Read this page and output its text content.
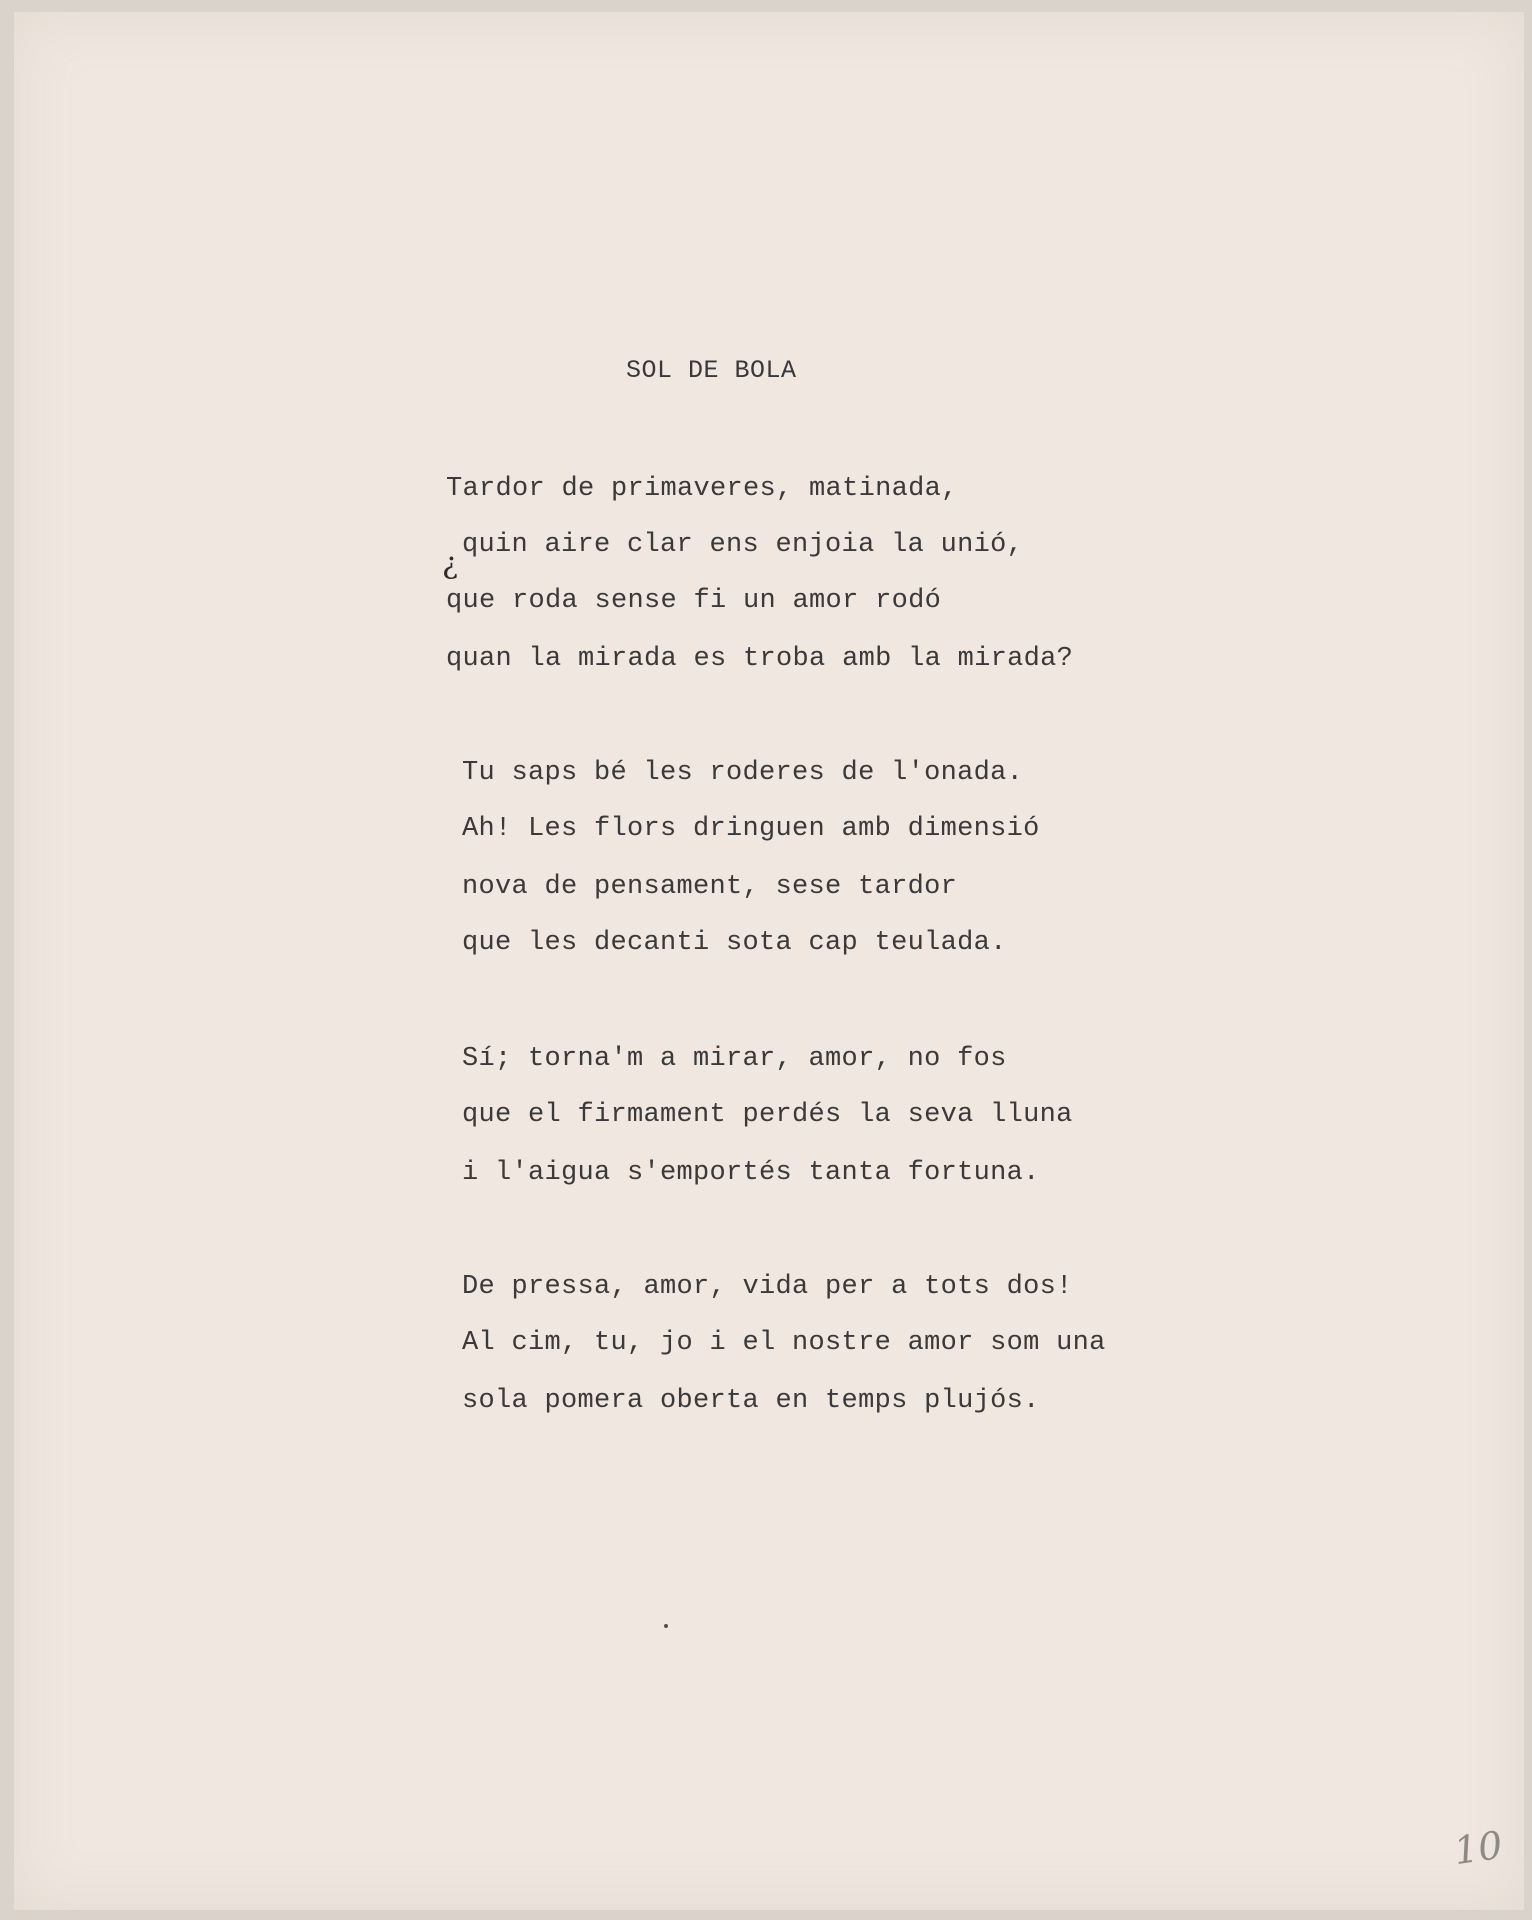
SOL DE BOLA
Tardor de primaveres, matinada,
quin aire clar ens enjoia la unió,
¿
que roda sense fi un amor rodó
quan la mirada es troba amb la mirada?
Tu saps bé les roderes de l'onada.
Ah! Les flors dringuen amb dimensió
nova de pensament, sese tardor
que les decanti sota cap teulada.
Sí; torna'm a mirar, amor, no fos
que el firmament perdés la seva lluna
i l'aigua s'emportés tanta fortuna.
De pressa, amor, vida per a tots dos!
Al cim, tu, jo i el nostre amor som una
sola pomera oberta en temps plujós.
10
